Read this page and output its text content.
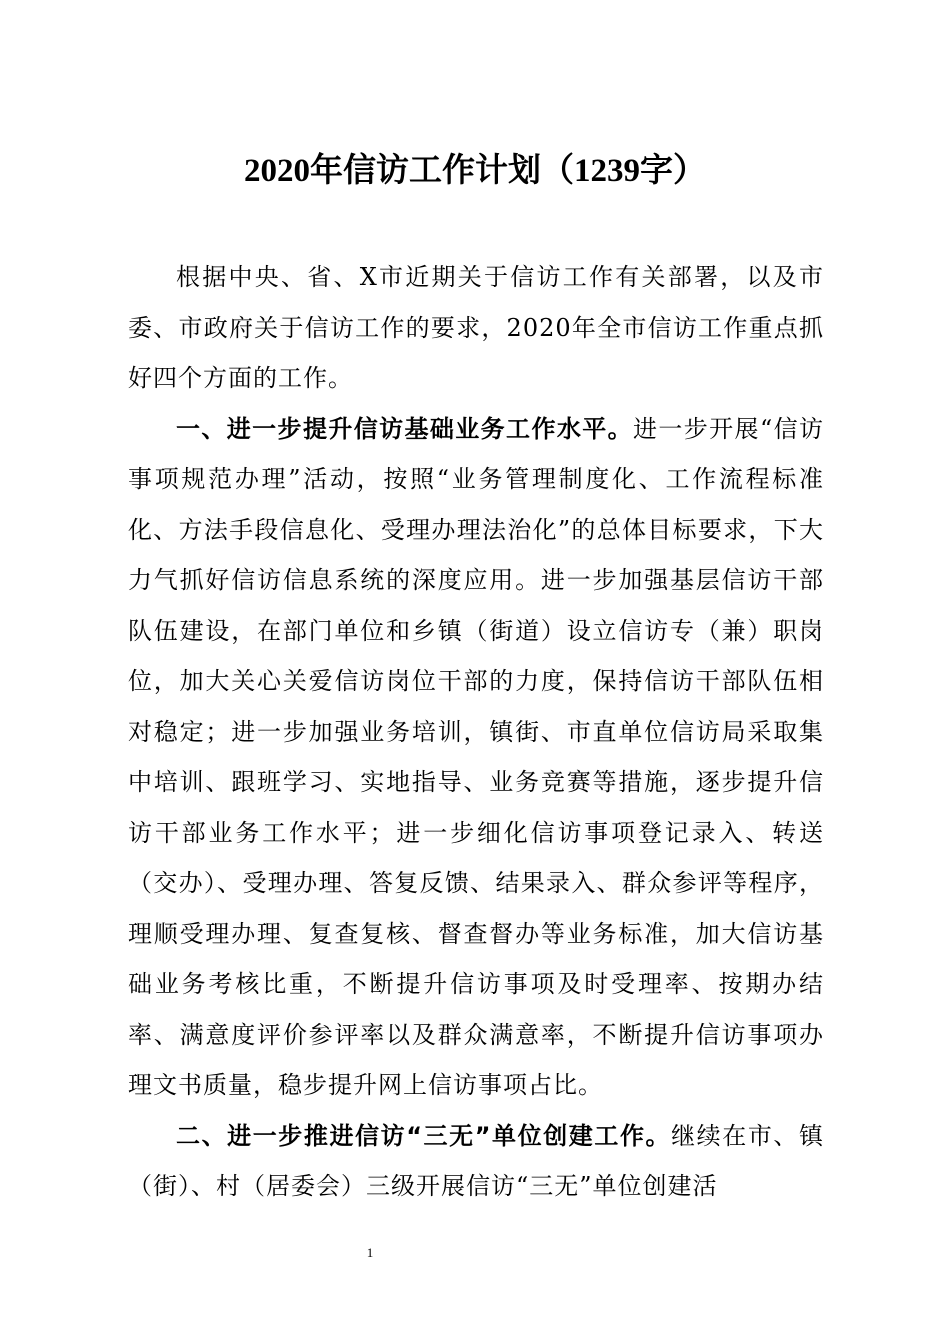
2020年信访工作计划（1239字）

根据中央、省、X市近期关于信访工作有关部署，以及市委、市政府关于信访工作的要求，2020年全市信访工作重点抓好四个方面的工作。

一、进一步提升信访基础业务工作水平。进一步开展“信访事项规范办理”活动，按照“业务管理制度化、工作流程标准化、方法手段信息化、受理办理法治化”的总体目标要求，下大力气抓好信访信息系统的深度应用。进一步加强基层信访干部队伍建设，在部门单位和乡镇（街道）设立信访专（兼）职岗位，加大关心关爱信访岗位干部的力度，保持信访干部队伍相对稳定；进一步加强业务培训，镇街、市直单位信访局采取集中培训、跟班学习、实地指导、业务竞赛等措施，逐步提升信访干部业务工作水平；进一步细化信访事项登记录入、转送（交办）、受理办理、答复反馈、结果录入、群众参评等程序，理顺受理办理、复查复核、督查督办等业务标准，加大信访基础业务考核比重，不断提升信访事项及时受理率、按期办结率、满意度评价参评率以及群众满意率，不断提升信访事项办理文书质量，稳步提升网上信访事项占比。

二、进一步推进信访“三无”单位创建工作。继续在市、镇（街）、村（居委会）三级开展信访“三无”单位创建活

1
